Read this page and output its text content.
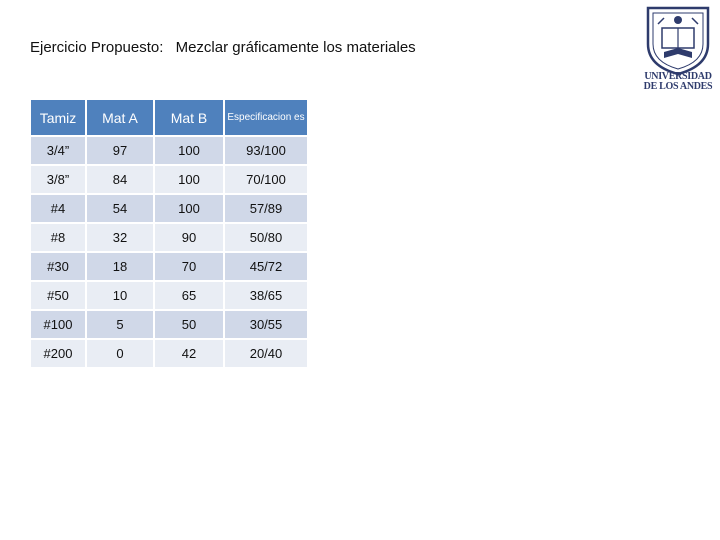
Ejercicio Propuesto: Mezclar gráficamente los materiales
UNIVERSIDAD
DE LOS ANDES
Tamiz	Mat A	Mat B	Especificacion es
3/4”	97	100	93/100
3/8”	84	100	70/100
#4	54	100	57/89
#8	32	90	50/80
#30	18	70	45/72
#50	10	65	38/65
#100	5	50	30/55
#200	0	42	20/40
